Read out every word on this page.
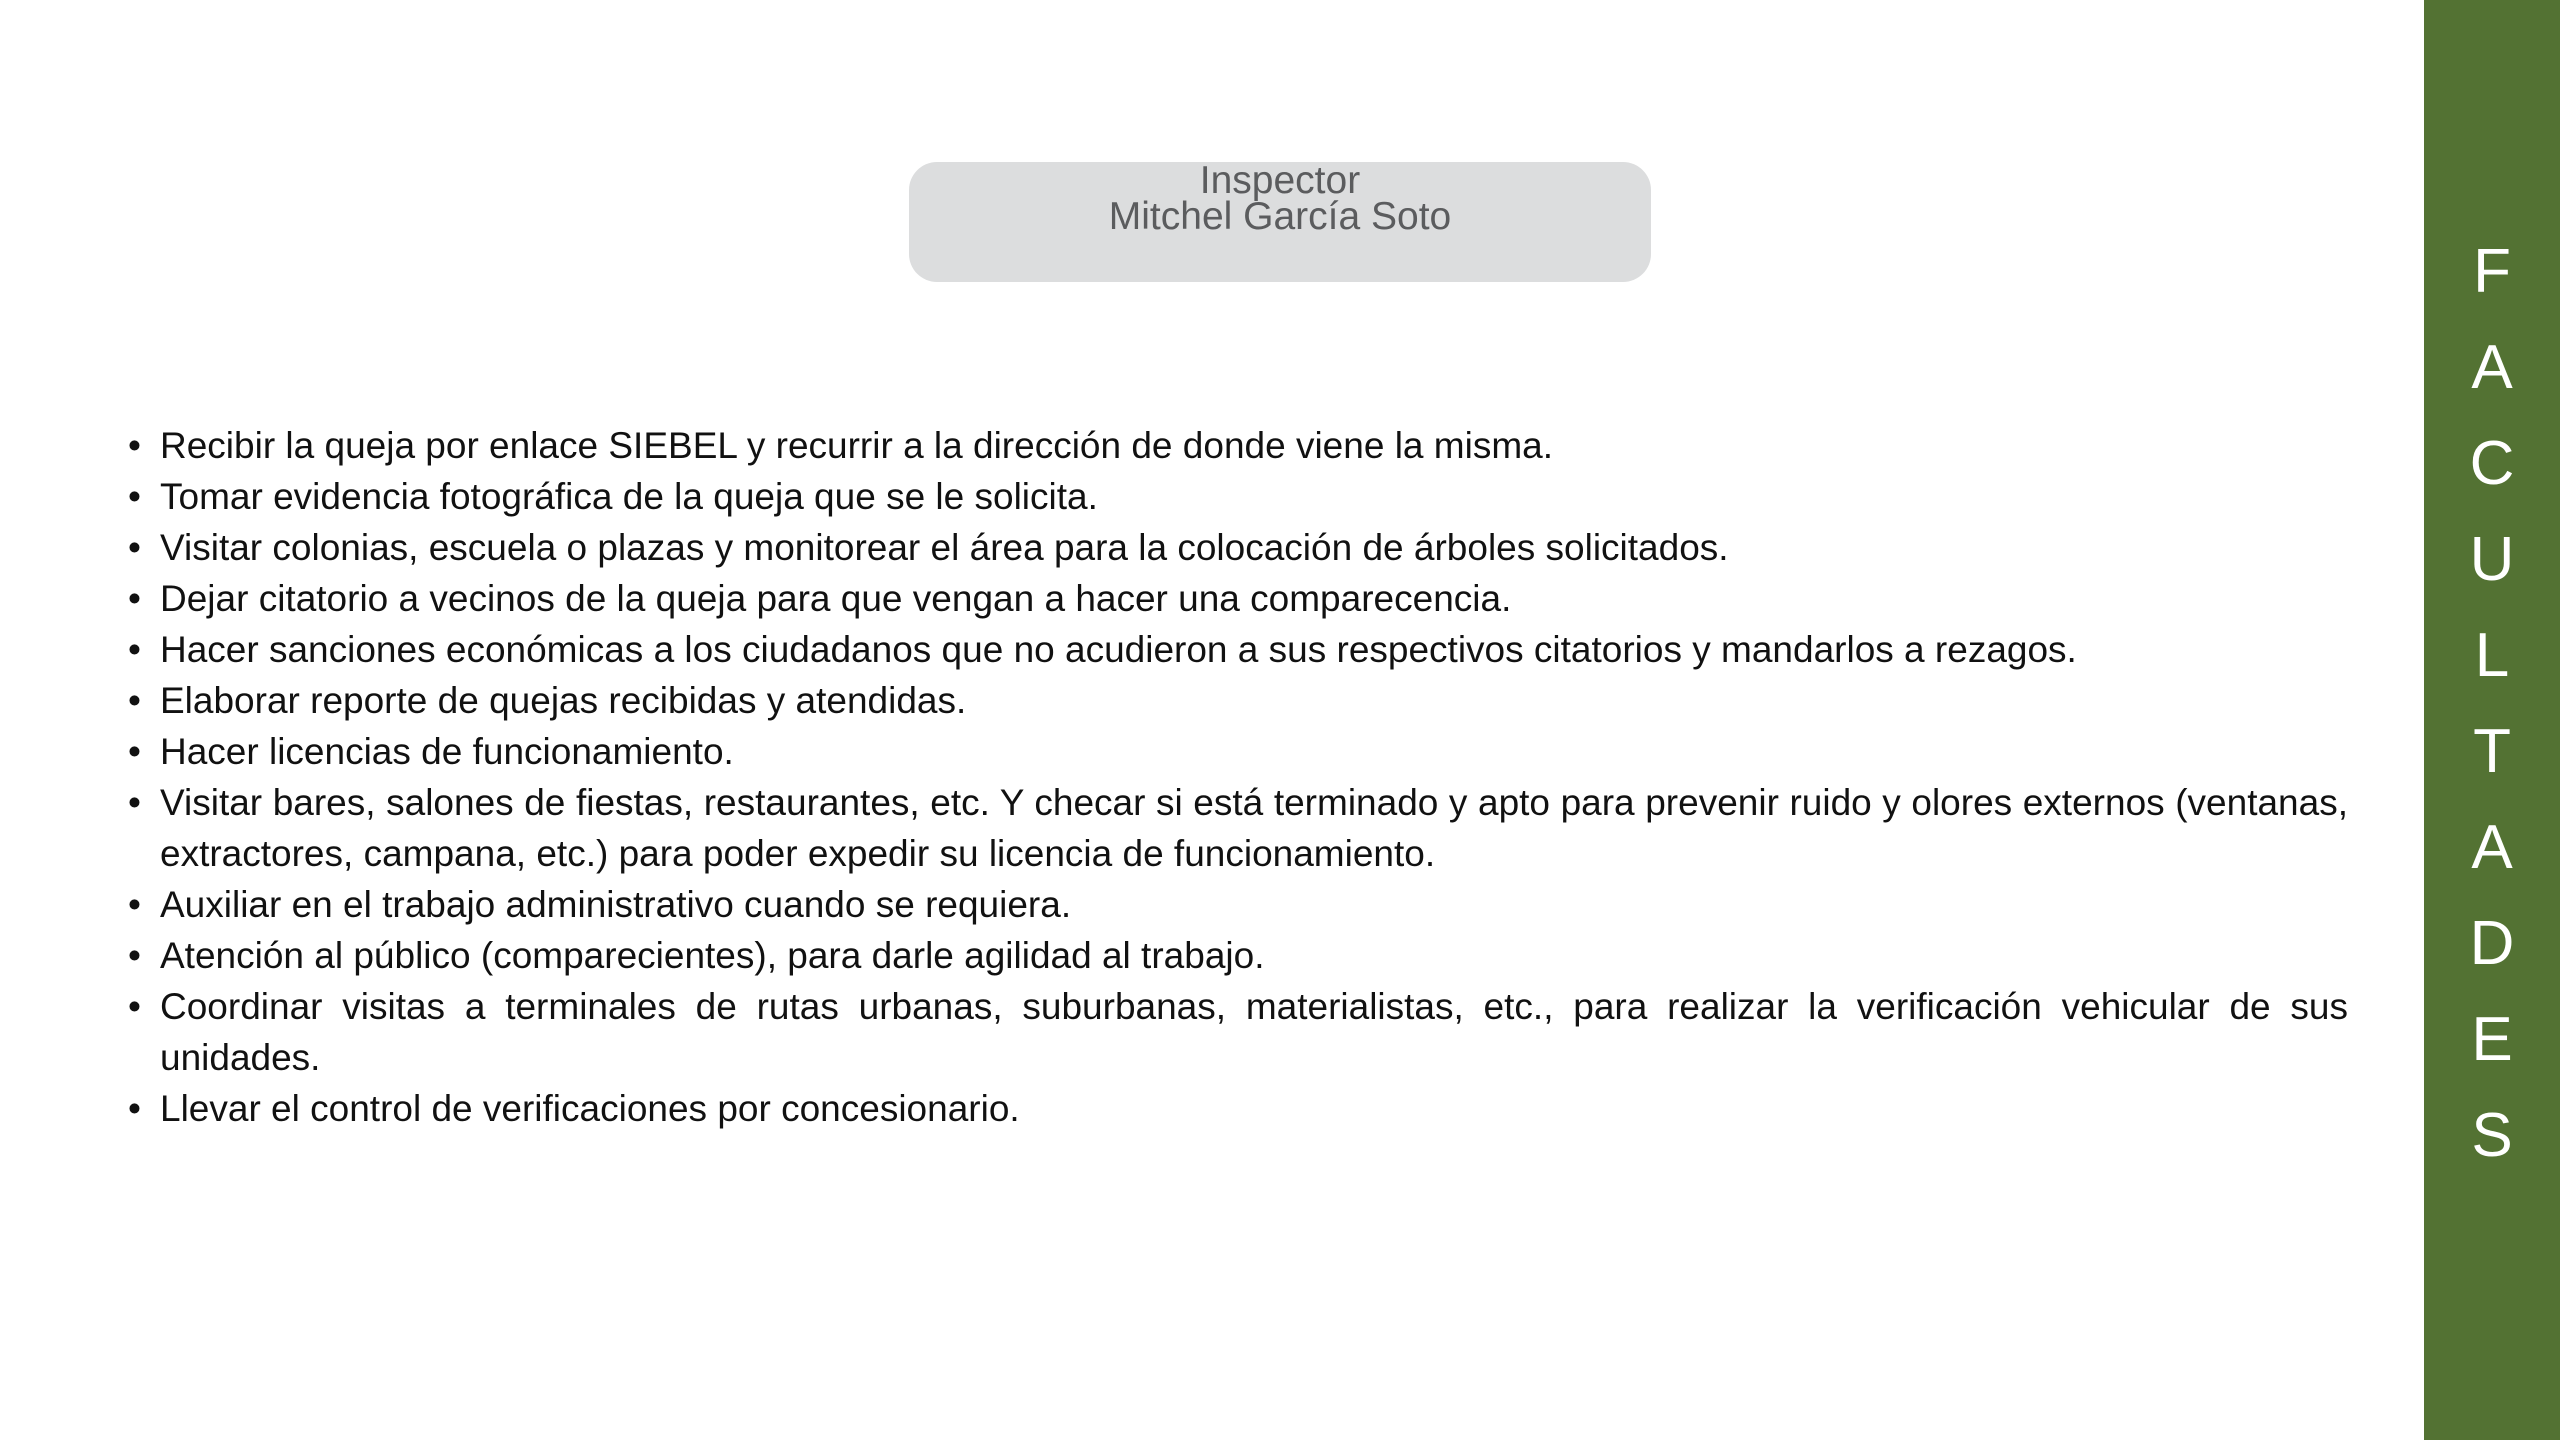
Inspector
Mitchel García Soto
• Recibir la queja por enlace SIEBEL y recurrir a la dirección de donde viene la misma.
• Tomar evidencia fotográfica de la queja que se le solicita.
• Visitar colonias, escuela o plazas y monitorear el área para la colocación de árboles solicitados.
• Dejar citatorio a vecinos de la queja para que vengan a hacer una comparecencia.
• Hacer sanciones económicas a los ciudadanos que no acudieron a sus respectivos citatorios y mandarlos a rezagos.
• Elaborar reporte de quejas recibidas y atendidas.
• Hacer licencias de funcionamiento.
• Visitar bares, salones de fiestas, restaurantes, etc. Y checar si está terminado y apto para prevenir ruido y olores externos (ventanas, extractores, campana, etc.) para poder expedir su licencia de funcionamiento.
• Auxiliar en el trabajo administrativo cuando se requiera.
• Atención al público (comparecientes), para darle agilidad al trabajo.
• Coordinar visitas a terminales de rutas urbanas, suburbanas, materialistas, etc., para realizar la verificación vehicular de sus unidades.
• Llevar el control de verificaciones por concesionario.
F
A
C
U
L
T
A
D
E
S
